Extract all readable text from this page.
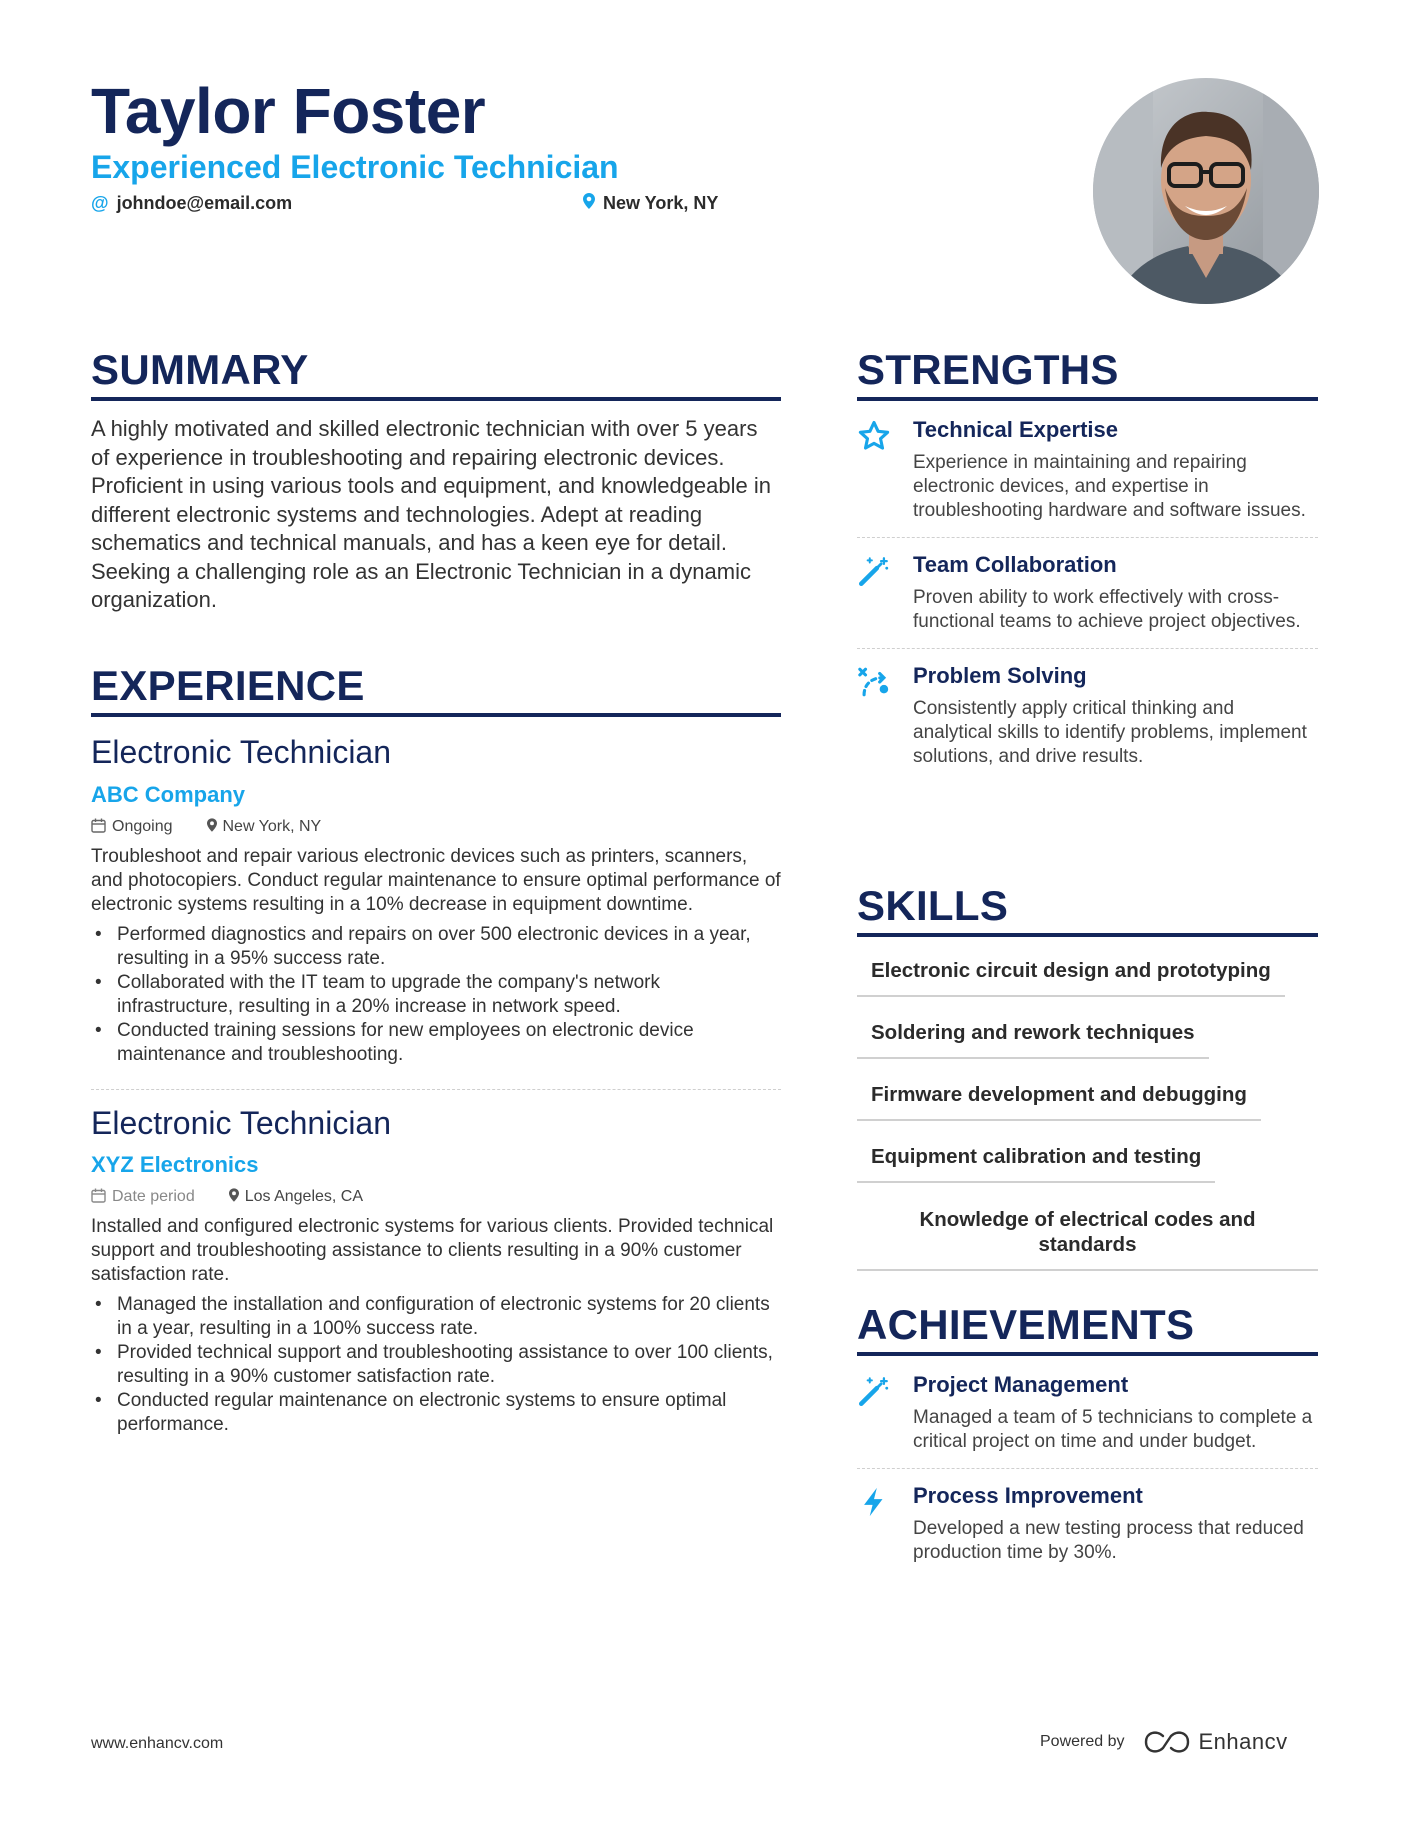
Taylor Foster
Experienced Electronic Technician
@ johndoe@email.com	New York, NY
SUMMARY

A highly motivated and skilled electronic technician with over 5 years of experience in troubleshooting and repairing electronic devices. Proficient in using various tools and equipment, and knowledgeable in different electronic systems and technologies. Adept at reading schematics and technical manuals, and has a keen eye for detail. Seeking a challenging role as an Electronic Technician in a dynamic organization.

EXPERIENCE
Electronic Technician
ABC Company
Ongoing	New York, NY

Troubleshoot and repair various electronic devices such as printers, scanners, and photocopiers. Conduct regular maintenance to ensure optimal performance of electronic systems resulting in a 10% decrease in equipment downtime.

• Performed diagnostics and repairs on over 500 electronic devices in a year, resulting in a 95% success rate.
• Collaborated with the IT team to upgrade the company's network infrastructure, resulting in a 20% increase in network speed.
• Conducted training sessions for new employees on electronic device maintenance and troubleshooting.
Electronic Technician
XYZ Electronics
Date period	Los Angeles, CA

Installed and configured electronic systems for various clients. Provided technical support and troubleshooting assistance to clients resulting in a 90% customer satisfaction rate.

• Managed the installation and configuration of electronic systems for 20 clients in a year, resulting in a 100% success rate.
• Provided technical support and troubleshooting assistance to over 100 clients, resulting in a 90% customer satisfaction rate.
• Conducted regular maintenance on electronic systems to ensure optimal performance.
STRENGTHS
Technical Expertise

Experience in maintaining and repairing electronic devices, and expertise in troubleshooting hardware and software issues.

Team Collaboration

Proven ability to work effectively with cross-functional teams to achieve project objectives.

Problem Solving

Consistently apply critical thinking and analytical skills to identify problems, implement solutions, and drive results.

SKILLS
Electronic circuit design and prototyping Soldering and rework techniques Firmware development and debugging Equipment calibration and testing Knowledge of electrical codes and standards
ACHIEVEMENTS
Project Management

Managed a team of 5 technicians to complete a critical project on time and under budget.

Process Improvement

Developed a new testing process that reduced production time by 30%.

www.enhancv.com	Powered by	Enhancv
